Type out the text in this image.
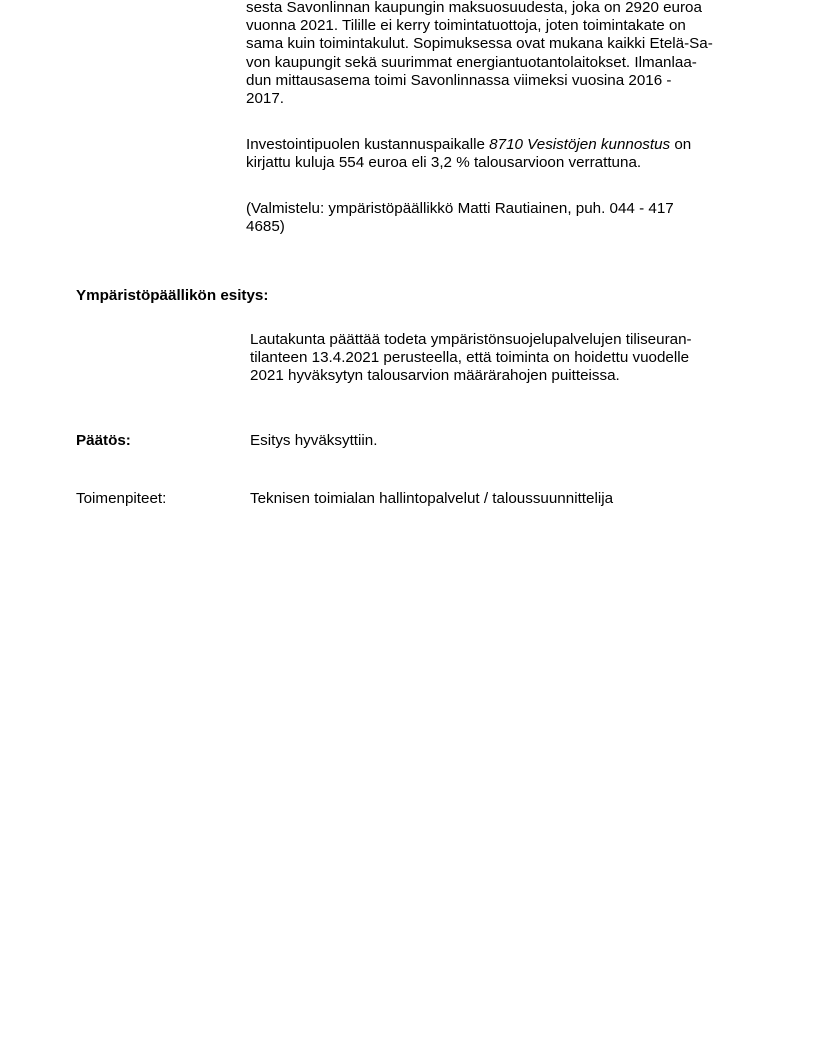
sesta Savonlinnan kaupungin maksuosuudesta, joka on 2920 euroa
vuonna 2021. Tilille ei kerry toimintatuottoja, joten toimintakate on
sama kuin toimintakulut. Sopimuksessa ovat mukana kaikki Etelä-Sa-
von kaupungit sekä suurimmat energiantuotantolaitokset. Ilmanlaa-
dun mittausasema toimi Savonlinnassa viimeksi vuosina 2016 -
2017.
Investointipuolen kustannuspaikalle 8710 Vesistöjen kunnostus on
kirjattu kuluja 554 euroa eli 3,2 % talousarvioon verrattuna.
(Valmistelu: ympäristöpäällikkö Matti Rautiainen, puh. 044 - 417
4685)
Ympäristöpäällikön esitys:
Lautakunta päättää todeta ympäristönsuojelupalvelujen tiliseuran-
tilanteen 13.4.2021 perusteella, että toiminta on hoidettu vuodelle
2021 hyväksytyn talousarvion määrärahojen puitteissa.
Päätös:	Esitys hyväksyttiin.
Toimenpiteet:	Teknisen toimialan hallintopalvelut / taloussuunnittelija
